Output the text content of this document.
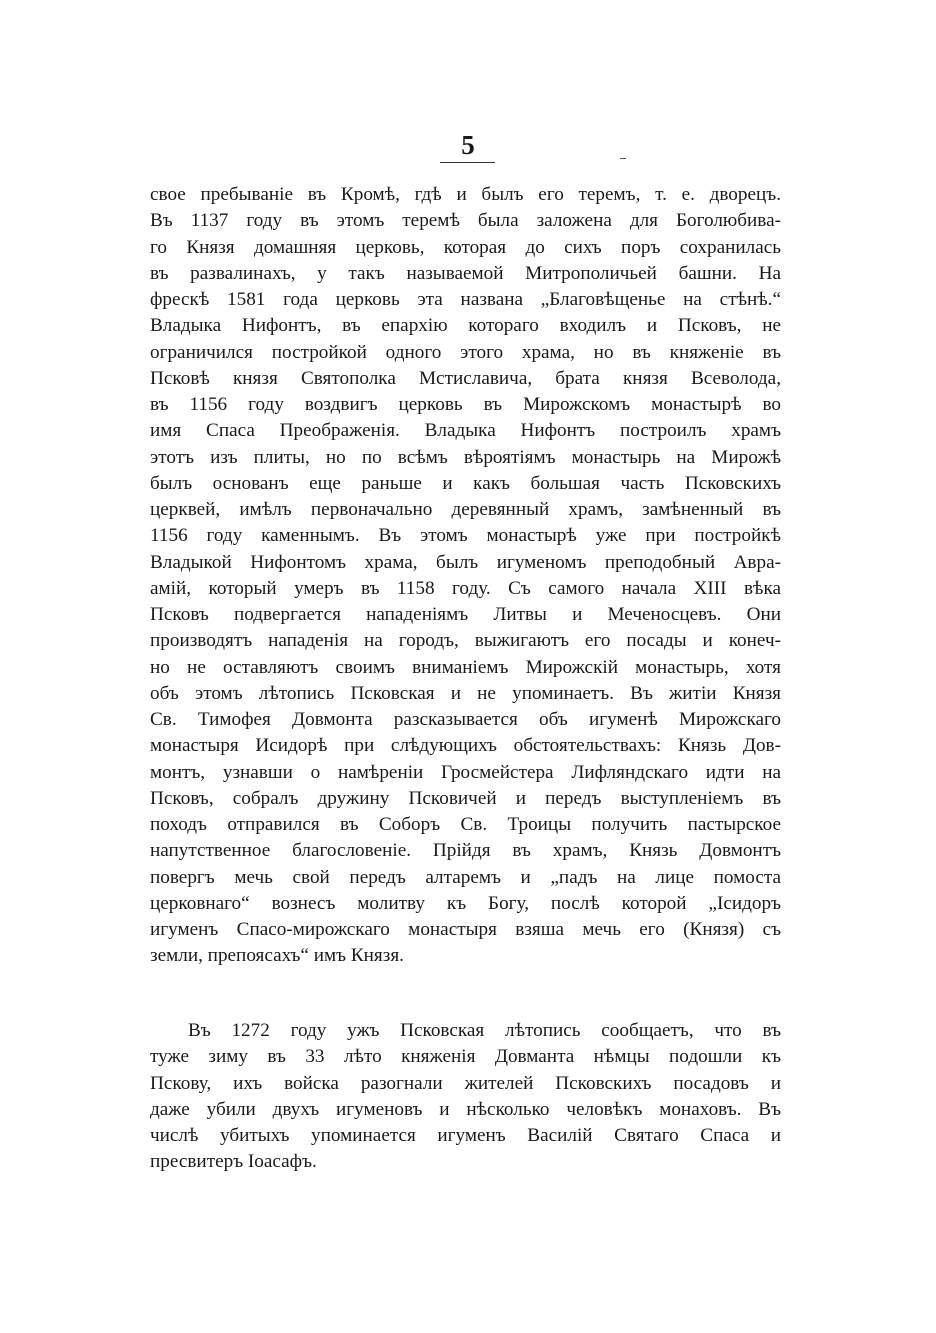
5
свое пребываніе въ Кромѣ, гдѣ и былъ его теремъ, т. е. дворецъ.
Въ 1137 году въ этомъ теремѣ была заложена для Боголюбива-
го Князя домашняя церковь, которая до сихъ поръ сохранилась
въ развалинахъ, у такъ называемой Митрополичьей башни. На
фрескѣ 1581 года церковь эта названа „Благовѣщенье на стѣнѣ.“
Владыка Нифонтъ, въ епархію котораго входилъ и Псковъ, не
ограничился постройкой одного этого храма, но въ княженіе въ
Псковѣ князя Святополка Мстиславича, брата князя Всеволода,
въ 1156 году воздвигъ церковь въ Мирожскомъ монастырѣ во
имя Спаса Преображенія. Владыка Нифонтъ построилъ храмъ
этотъ изъ плиты, но по всѣмъ вѣроятіямъ монастырь на Мирожѣ
былъ основанъ еще раньше и какъ большая часть Псковскихъ
церквей, имѣлъ первоначально деревянный храмъ, замѣненный въ
1156 году каменнымъ. Въ этомъ монастырѣ уже при постройкѣ
Владыкой Нифонтомъ храма, былъ игуменомъ преподобный Авра-
амій, который умеръ въ 1158 году. Съ самого начала XIII вѣка
Псковъ подвергается нападеніямъ Литвы и Меченосцевъ. Они
производятъ нападенія на городъ, выжигаютъ его посады и конеч-
но не оставляютъ своимъ вниманіемъ Мирожскій монастырь, хотя
объ этомъ лѣтопись Псковская и не упоминаетъ. Въ житіи Князя
Св. Тимофея Довмонта разсказывается объ игуменѣ Мирожскаго
монастыря Исидорѣ при слѣдующихъ обстоятельствахъ: Князь Дов-
монтъ, узнавши о намѣреніи Гросмейстера Лифляндскаго идти на
Псковъ, собралъ дружину Псковичей и передъ выступленіемъ въ
походъ отправился въ Соборъ Св. Троицы получить пастырское
напутственное благословеніе. Прійдя въ храмъ, Князь Довмонтъ
повергъ мечь свой передъ алтаремъ и „падъ на лице помоста
церковнаго“ вознесъ молитву къ Богу, послѣ которой „Ісидоръ
игуменъ Спасо-мирожскаго монастыря взяша мечь его (Князя) съ
земли, препоясахъ“ имъ Князя.
Въ 1272 году ужъ Псковская лѣтопись сообщаетъ, что въ
туже зиму въ 33 лѣто княженія Довманта нѣмцы подошли къ
Пскову, ихъ войска разогнали жителей Псковскихъ посадовъ и
даже убили двухъ игуменовъ и нѣсколько человѣкъ монаховъ. Въ
числѣ убитыхъ упоминается игуменъ Василій Святаго Спаса и
пресвитеръ Іоасафъ.
